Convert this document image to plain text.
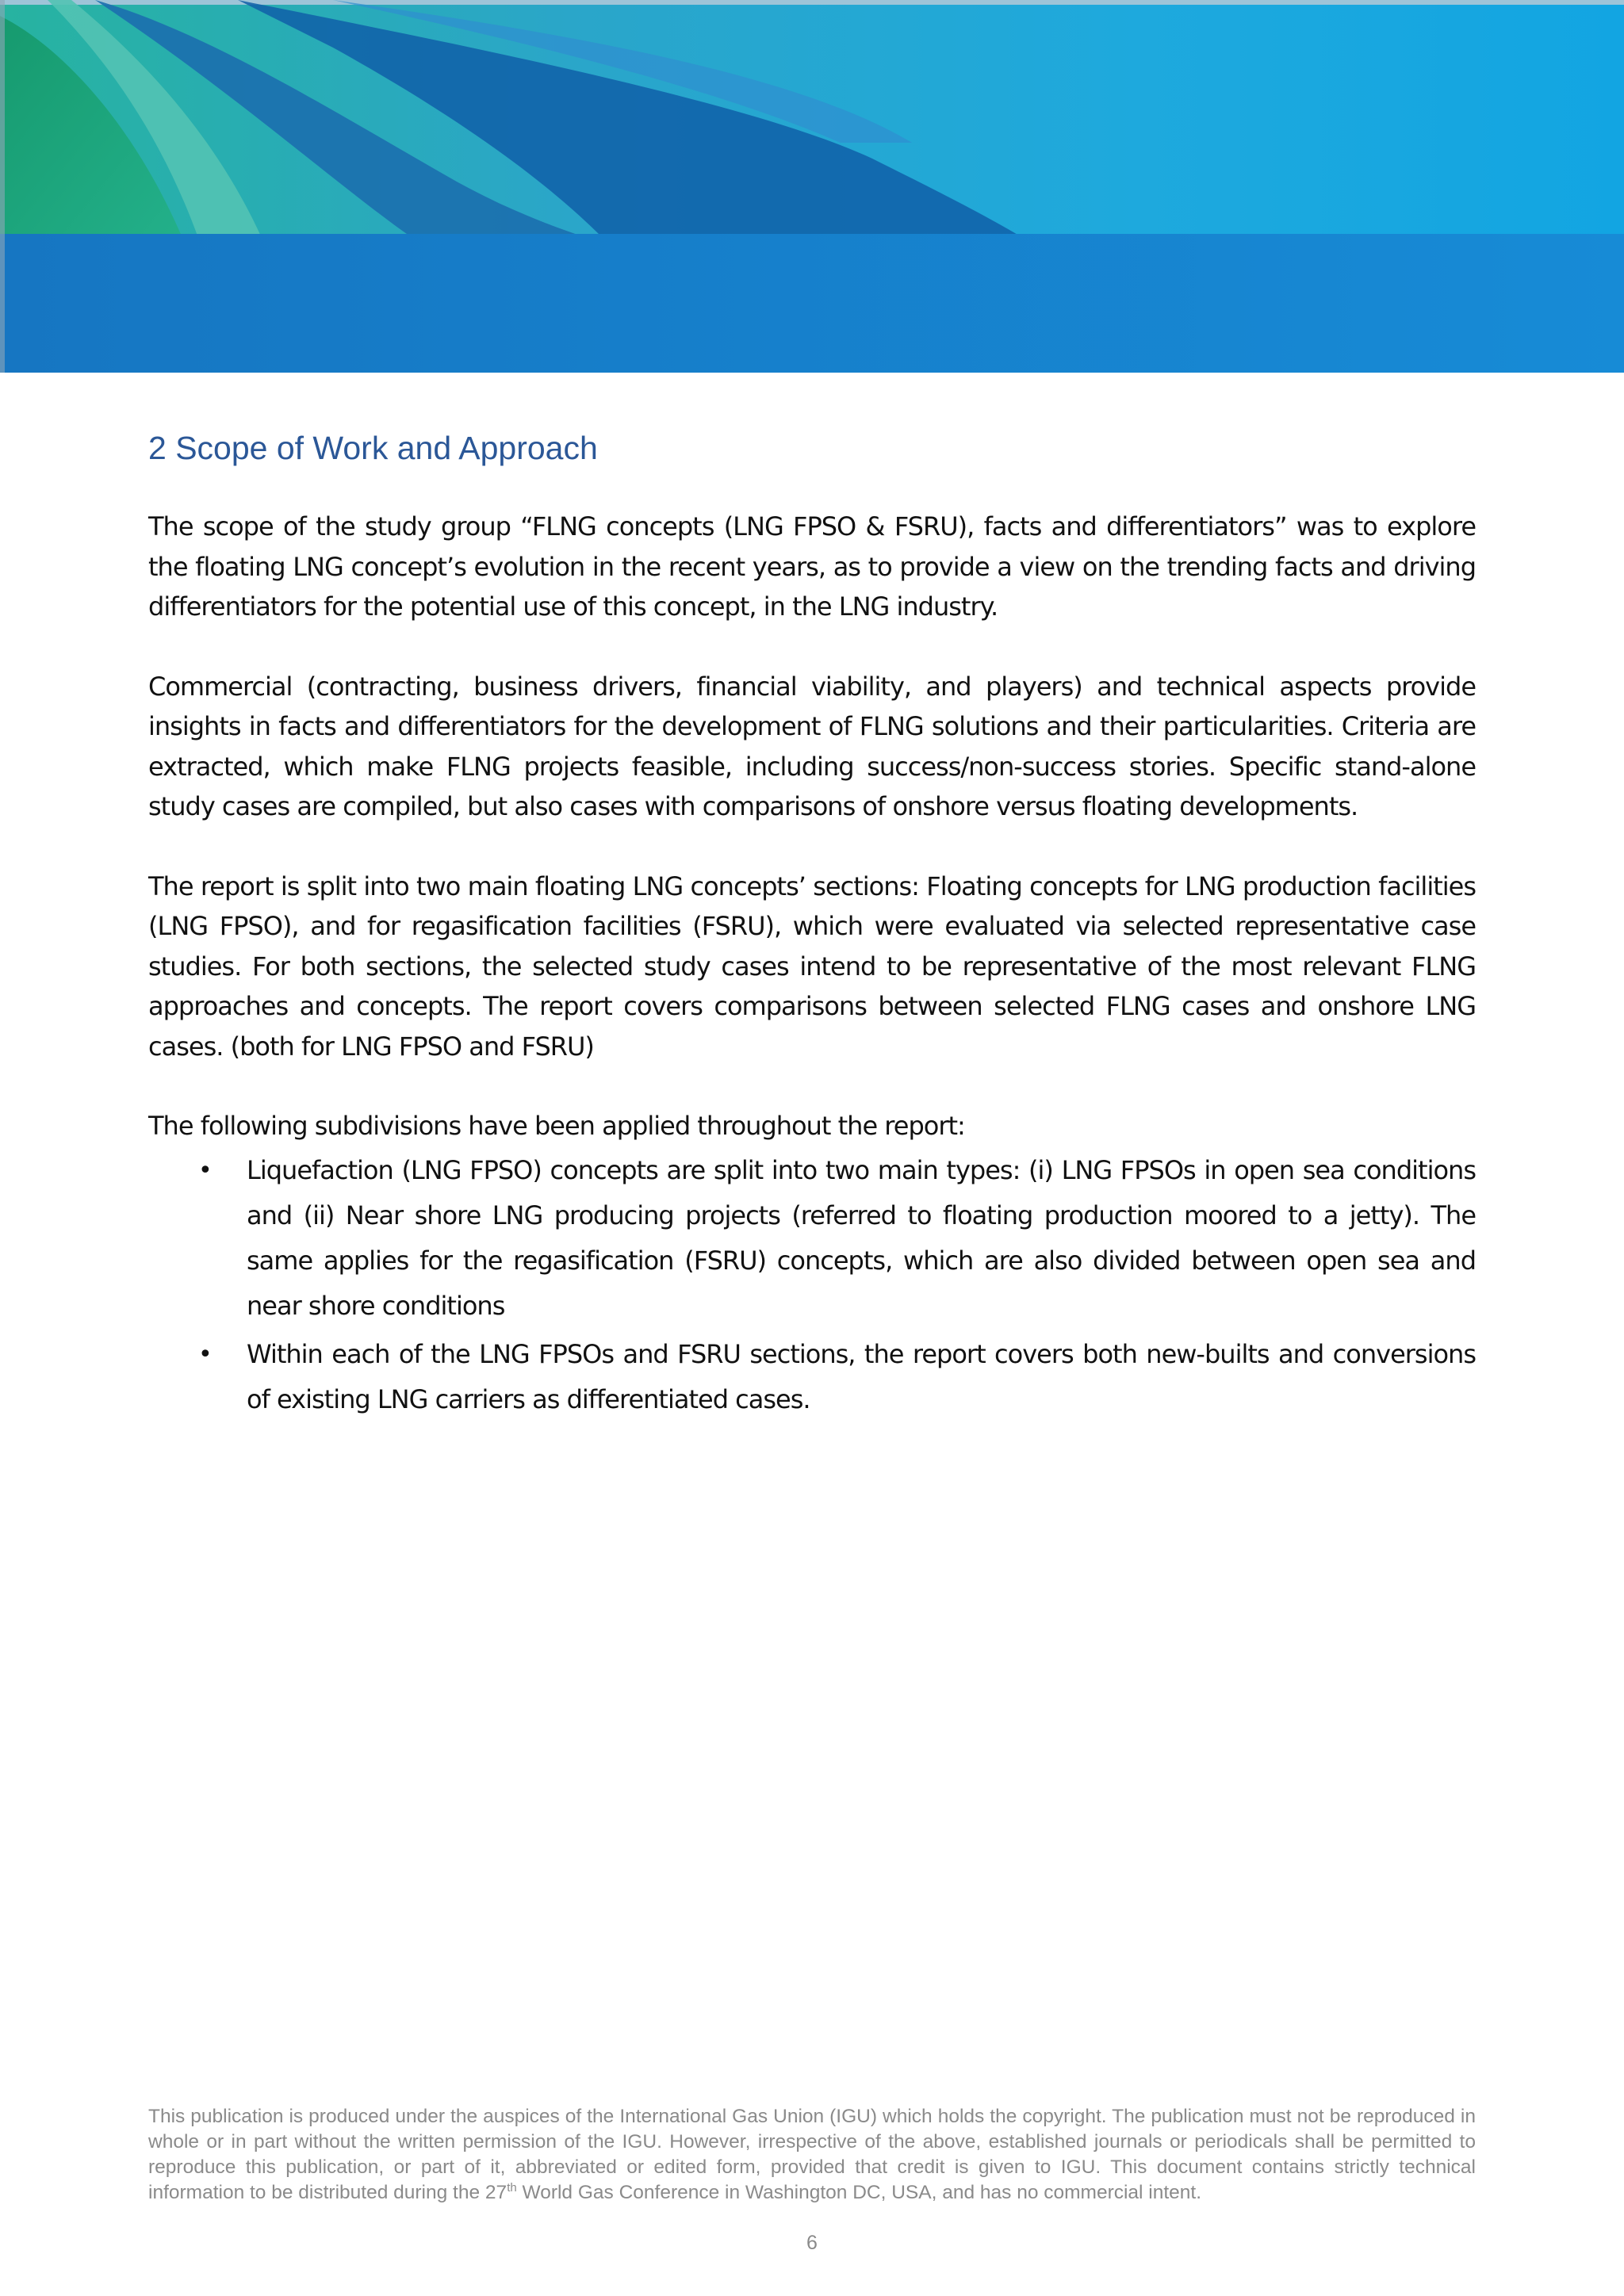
2 Scope of Work and Approach

The scope of the study group “FLNG concepts (LNG FPSO & FSRU), facts and differentiators” was to explore the floating LNG concept’s evolution in the recent years, as to provide a view on the trending facts and driving differentiators for the potential use of this concept, in the LNG industry.

Commercial (contracting, business drivers, financial viability, and players) and technical aspects provide insights in facts and differentiators for the development of FLNG solutions and their particularities. Criteria are extracted, which make FLNG projects feasible, including success/non-success stories. Specific stand-alone study cases are compiled, but also cases with comparisons of onshore versus floating developments.

The report is split into two main floating LNG concepts’ sections: Floating concepts for LNG production facilities (LNG FPSO), and for regasification facilities (FSRU), which were evaluated via selected representative case studies. For both sections, the selected study cases intend to be representative of the most relevant FLNG approaches and concepts. The report covers comparisons between selected FLNG cases and onshore LNG cases. (both for LNG FPSO and FSRU)

The following subdivisions have been applied throughout the report:

• Liquefaction (LNG FPSO) concepts are split into two main types: (i) LNG FPSOs in open sea conditions and (ii) Near shore LNG producing projects (referred to floating production moored to a jetty). The same applies for the regasification (FSRU) concepts, which are also divided between open sea and near shore conditions
• Within each of the LNG FPSOs and FSRU sections, the report covers both new-builts and conversions of existing LNG carriers as differentiated cases.
This publication is produced under the auspices of the International Gas Union (IGU) which holds the copyright. The publication must not be reproduced in whole or in part without the written permission of the IGU. However, irrespective of the above, established journals or periodicals shall be permitted to reproduce this publication, or part of it, abbreviated or edited form, provided that credit is given to IGU. This document contains strictly technical information to be distributed during the 27th World Gas Conference in Washington DC, USA, and has no commercial intent.
6
